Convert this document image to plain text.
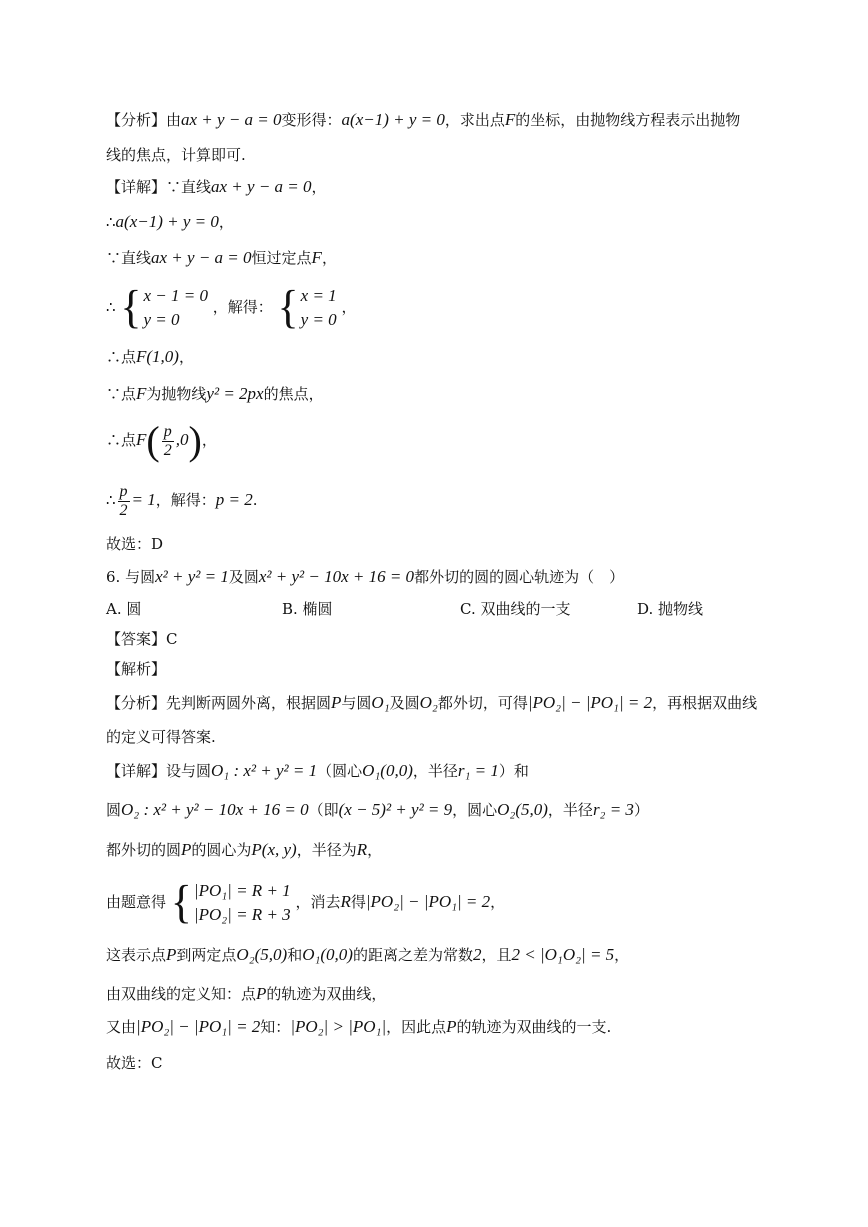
【分析】由ax + y − a = 0变形得：a(x−1) + y = 0，求出点F的坐标，由抛物线方程表示出抛物
线的焦点，计算即可.
【详解】∵直线ax + y − a = 0，
∴a(x−1) + y = 0，
∵直线ax + y − a = 0恒过定点F，
∴ { x − 1 = 0
y = 0
，解得： { x = 1
y = 0
，
∴点F(1,0)，
∵点F为抛物线y² = 2px的焦点，
∴点$F( \frac{p}{2} ,0)$，
∴ $\frac{p}{2} = 1$，解得：p = 2.
故选：D
6. 与圆x² + y² = 1及圆x² + y² − 10x + 16 = 0都外切的圆的圆心轨迹为（　）
A. 圆	B. 椭圆	C. 双曲线的一支	D. 抛物线
【答案】C
【解析】
【分析】先判断两圆外离，根据圆P与圆O₁及圆O₂都外切，可得|PO₂| − |PO₁| = 2，再根据双曲线
的定义可得答案.
【详解】设与圆O₁ : x² + y² = 1（圆心O₁(0,0)，半径r₁ = 1）和
圆O₂ : x² + y² − 10x + 16 = 0（即(x − 5)² + y² = 9，圆心O₂(5,0)，半径r₂ = 3）
都外切的圆P的圆心为P(x, y)，半径为R，
由题意得 { |PO₁| = R + 1
|PO₂| = R + 3
，消去R得|PO₂| − |PO₁| = 2，
这表示点P到两定点O₂(5,0)和O₁(0,0)的距离之差为常数2，且2 < |O₁O₂| = 5，
由双曲线的定义知：点P的轨迹为双曲线，
又由|PO₂| − |PO₁| = 2知：|PO₂| > |PO₁|，因此点P的轨迹为双曲线的一支.
故选：C
